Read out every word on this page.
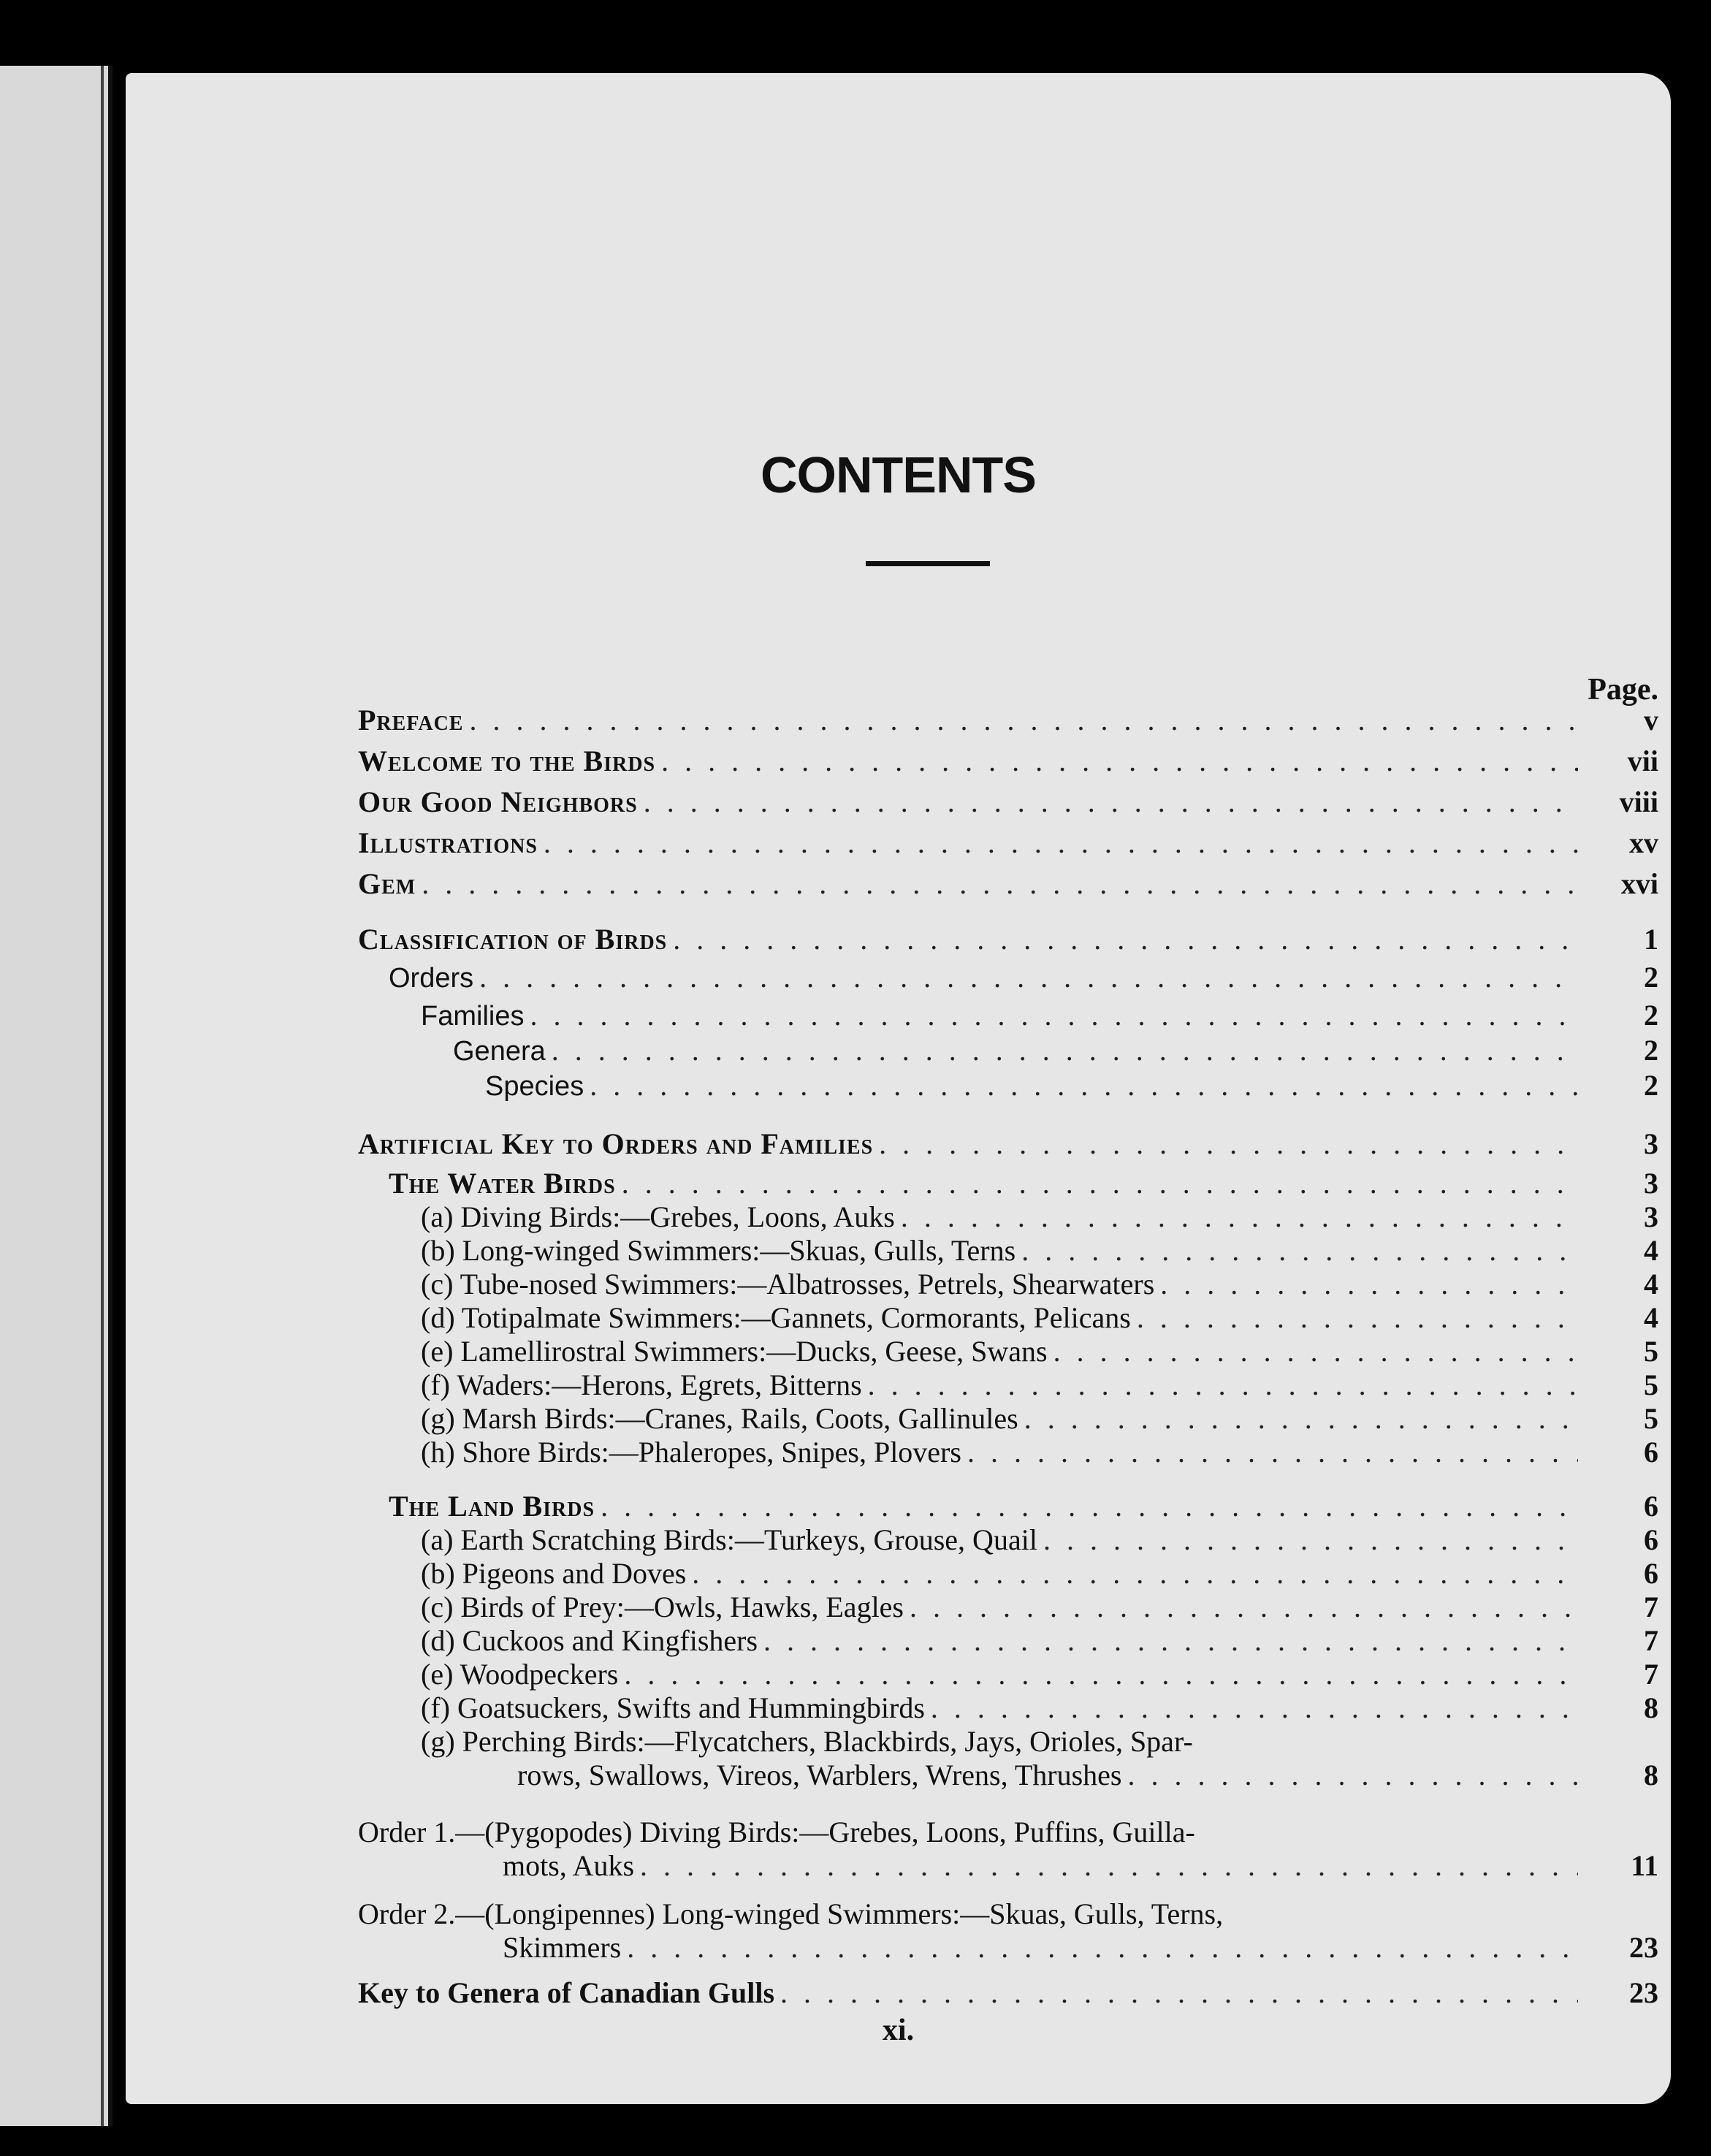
CONTENTS
Page.
Preface . . .	v
Welcome to the Birds . . .	vii
Our Good Neighbors . . .	viii
Illustrations . . .	xv
Gem . . .	xvi
Classification of Birds . . .	1
Orders . . .	2
Families . . .	2
Genera . . .	2
Species . . .	2
Artificial Key to Orders and Families . . .	3
The Water Birds . . .	3
(a) Diving Birds:—Grebes, Loons, Auks . . .	3
(b) Long-winged Swimmers:—Skuas, Gulls, Terns . . .	4
(c) Tube-nosed Swimmers:—Albatrosses, Petrels, Shearwaters . . .	4
(d) Totipalmate Swimmers:—Gannets, Cormorants, Pelicans . . .	4
(e) Lamellirostral Swimmers:—Ducks, Geese, Swans . . .	5
(f) Waders:—Herons, Egrets, Bitterns . . .	5
(g) Marsh Birds:—Cranes, Rails, Coots, Gallinules . . .	5
(h) Shore Birds:—Phaleropes, Snipes, Plovers . . .	6
The Land Birds . . .	6
(a) Earth Scratching Birds:—Turkeys, Grouse, Quail . . .	6
(b) Pigeons and Doves . . .	6
(c) Birds of Prey:—Owls, Hawks, Eagles . . .	7
(d) Cuckoos and Kingfishers . . .	7
(e) Woodpeckers . . .	7
(f) Goatsuckers, Swifts and Hummingbirds . . .	8
(g) Perching Birds:—Flycatchers, Blackbirds, Jays, Orioles, Spar-
rows, Swallows, Vireos, Warblers, Wrens, Thrushes . . .	8
Order 1.—(Pygopodes) Diving Birds:—Grebes, Loons, Puffins, Guilla-
mots, Auks . . .	11
Order 2.—(Longipennes) Long-winged Swimmers:—Skuas, Gulls, Terns,
Skimmers . . .	23
Key to Genera of Canadian Gulls . . .	23
xi.
